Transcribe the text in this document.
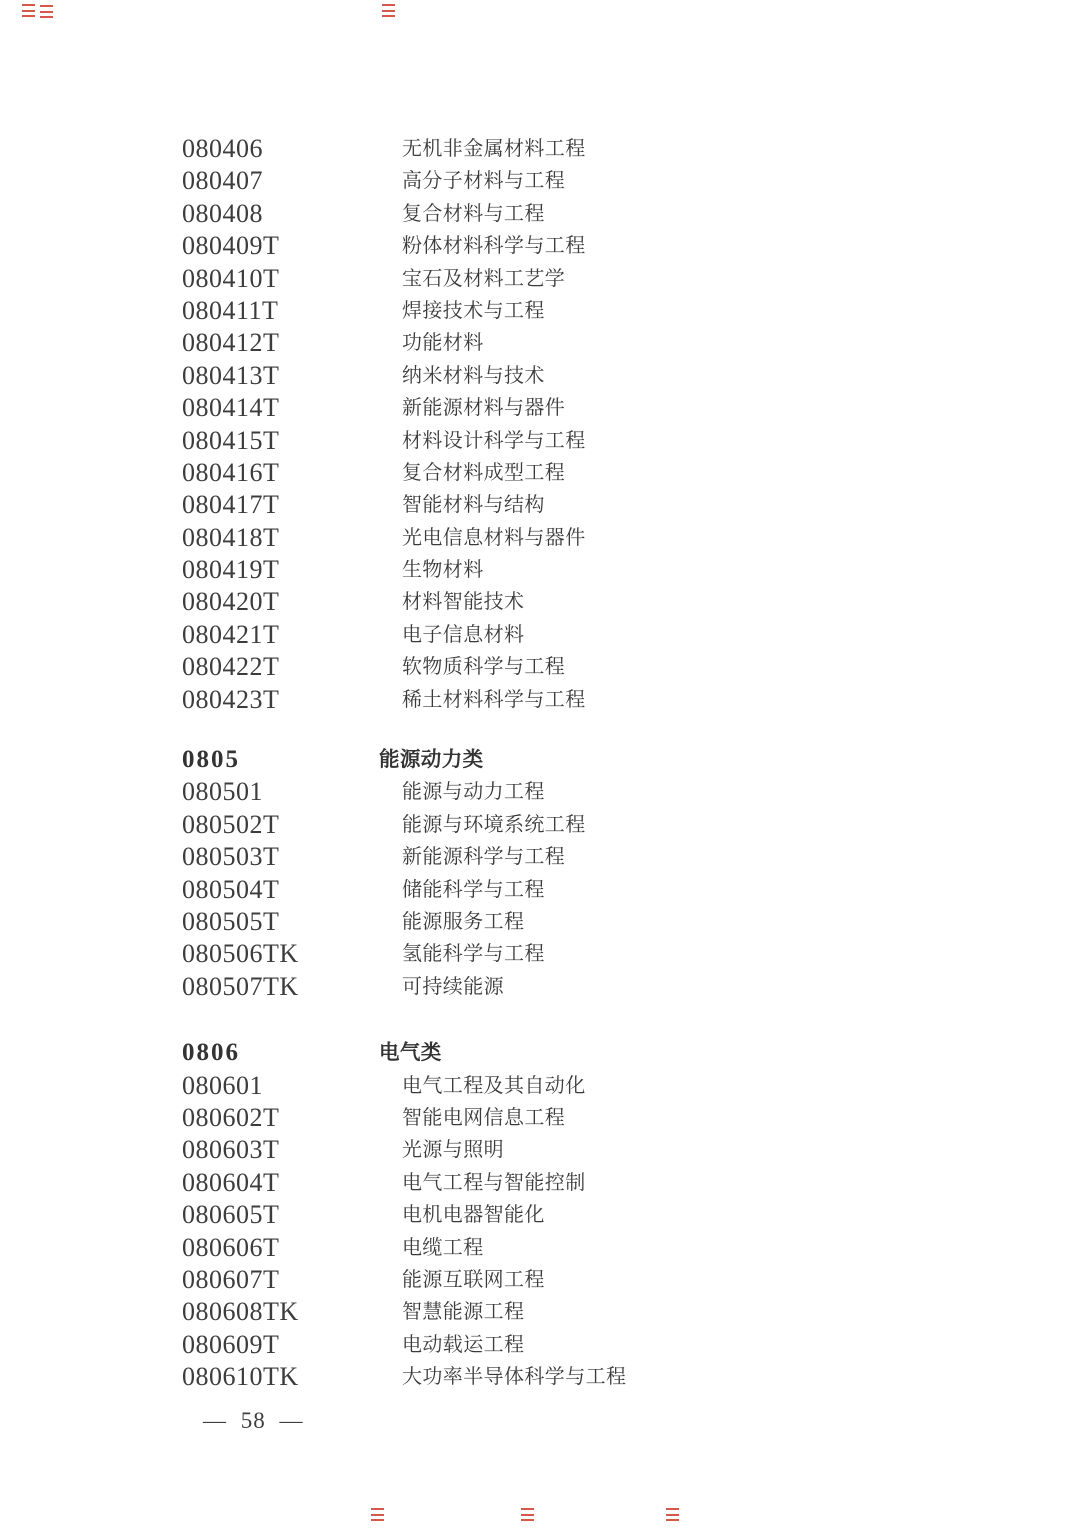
080406	无机非金属材料工程
080407	高分子材料与工程
080408	复合材料与工程
080409T	粉体材料科学与工程
080410T	宝石及材料工艺学
080411T	焊接技术与工程
080412T	功能材料
080413T	纳米材料与技术
080414T	新能源材料与器件
080415T	材料设计科学与工程
080416T	复合材料成型工程
080417T	智能材料与结构
080418T	光电信息材料与器件
080419T	生物材料
080420T	材料智能技术
080421T	电子信息材料
080422T	软物质科学与工程
080423T	稀土材料科学与工程
0805	能源动力类
080501	能源与动力工程
080502T	能源与环境系统工程
080503T	新能源科学与工程
080504T	储能科学与工程
080505T	能源服务工程
080506TK	氢能科学与工程
080507TK	可持续能源
0806	电气类
080601	电气工程及其自动化
080602T	智能电网信息工程
080603T	光源与照明
080604T	电气工程与智能控制
080605T	电机电器智能化
080606T	电缆工程
080607T	能源互联网工程
080608TK	智慧能源工程
080609T	电动载运工程
080610TK	大功率半导体科学与工程
— 58 —
